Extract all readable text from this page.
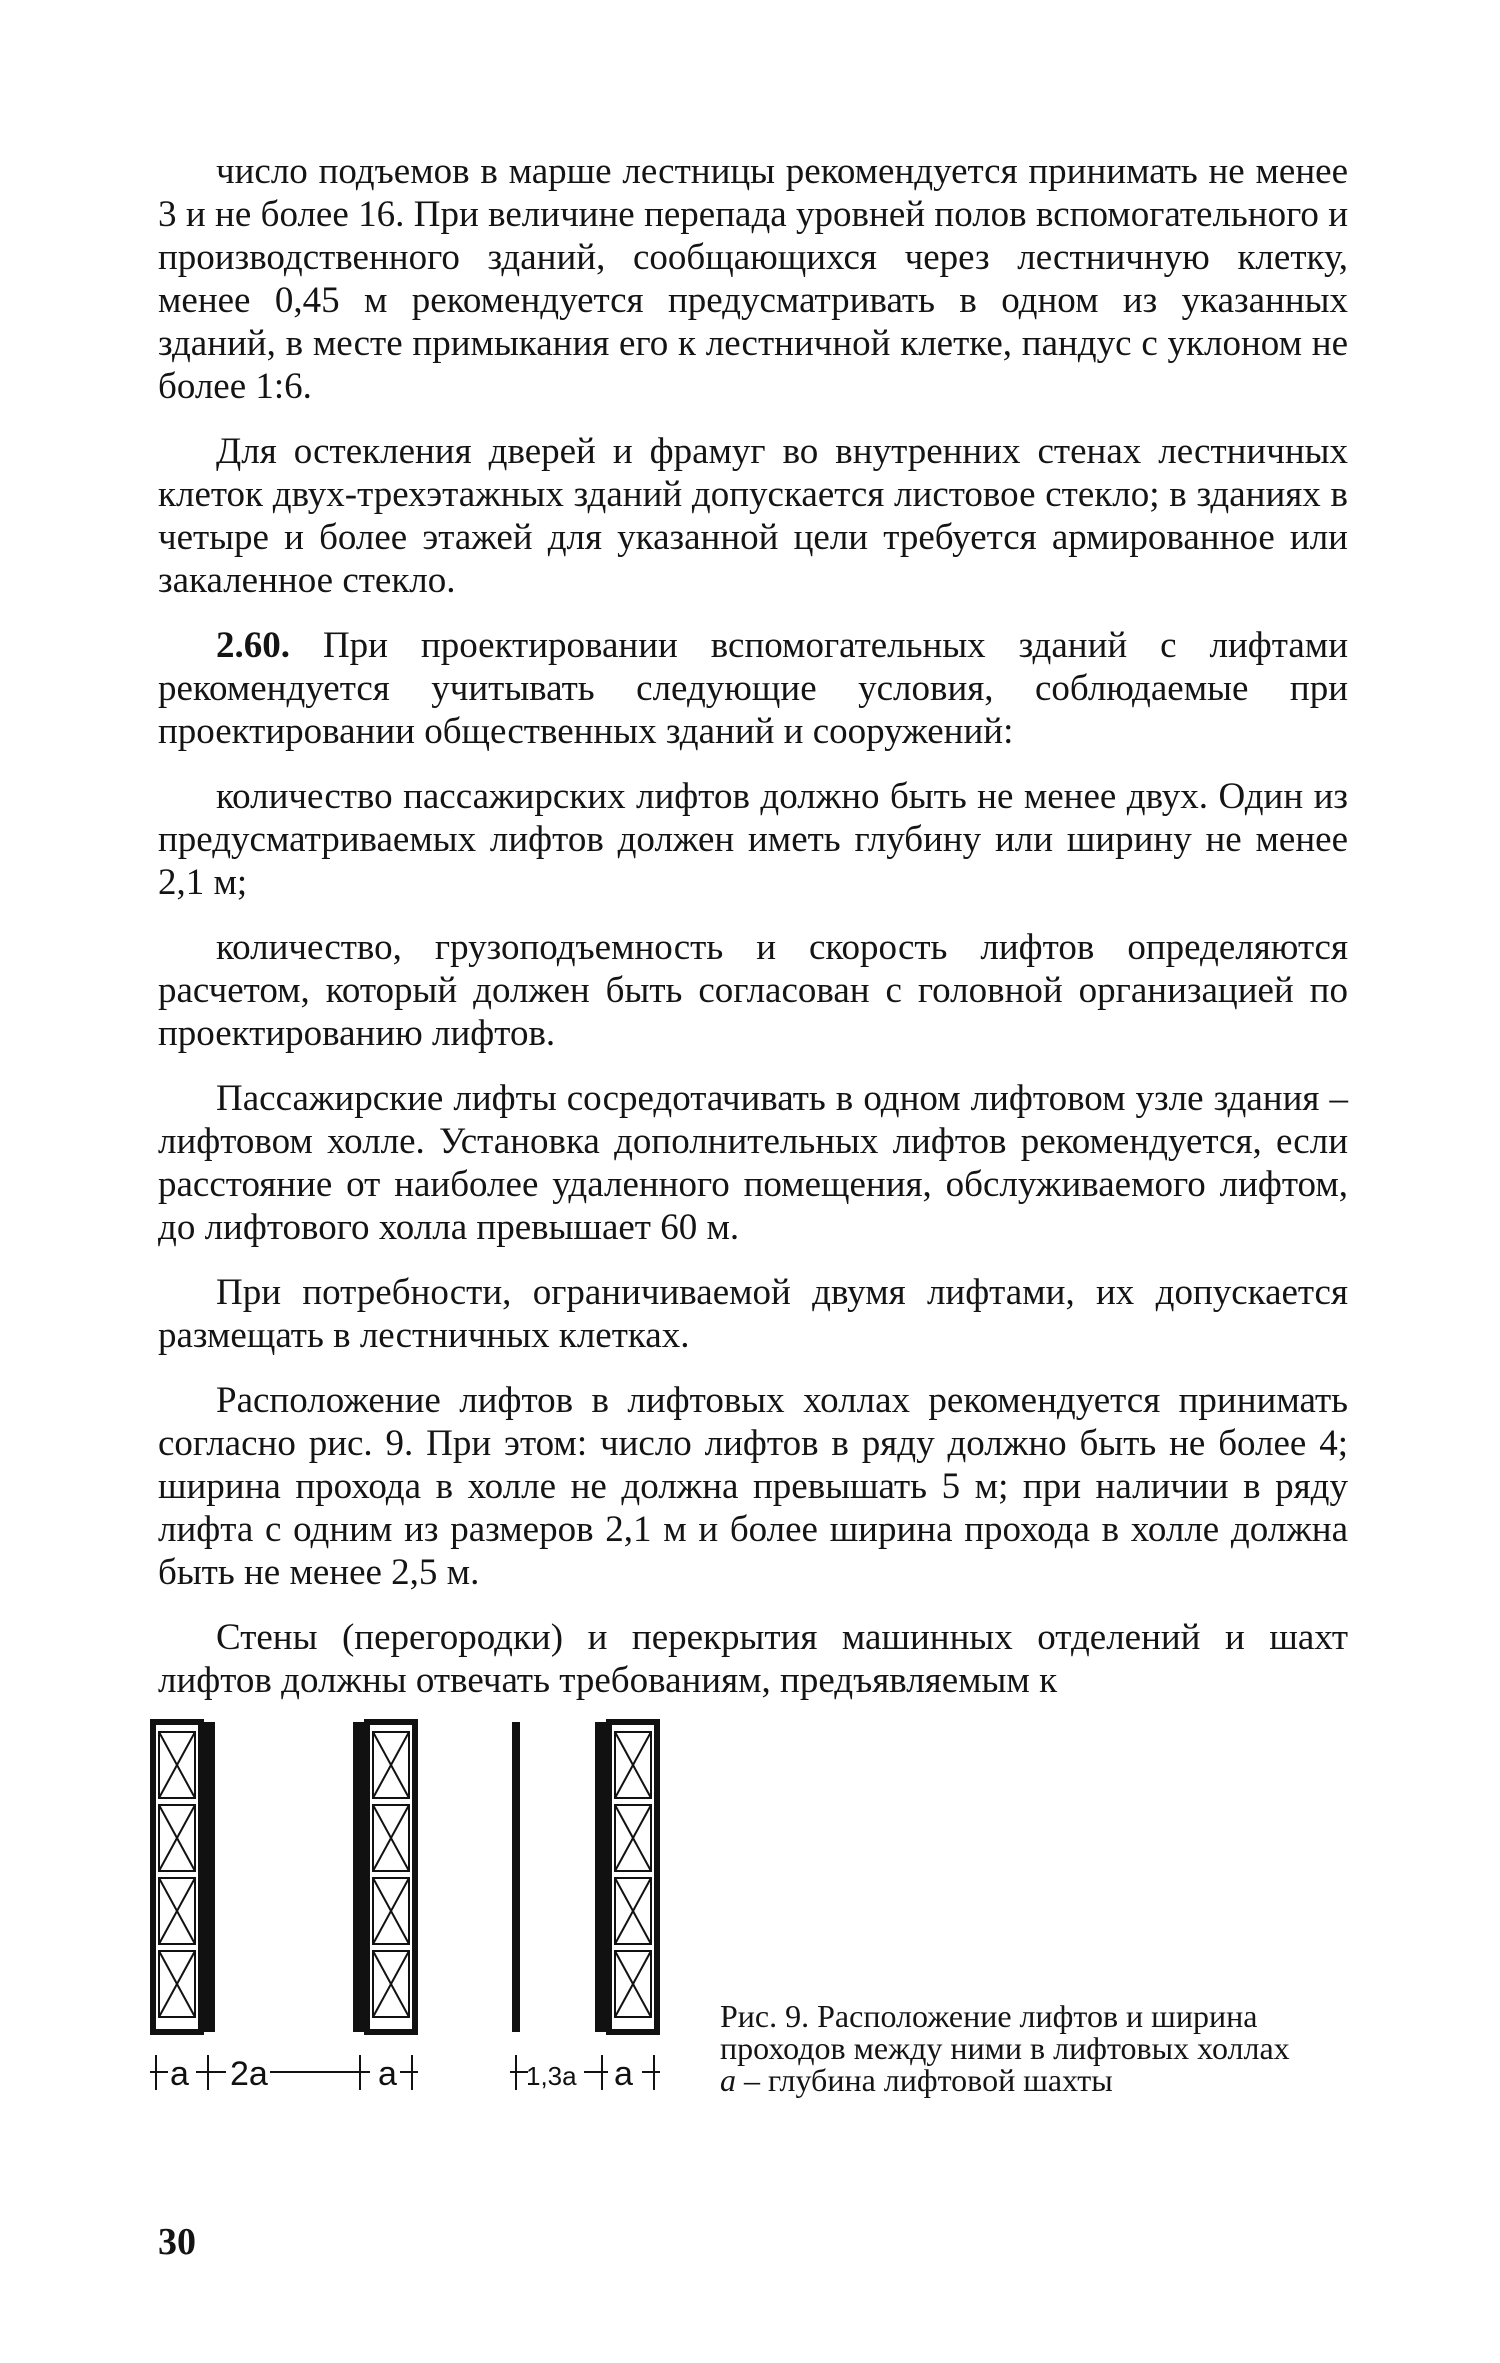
число подъемов в марше лестницы рекомендуется принимать не менее 3 и не более 16. При величине перепада уровней полов вспомогательного и производственного зданий, сообщающихся через лестничную клетку, менее 0,45 м рекомендуется предусматривать в одном из указанных зданий, в месте примыкания его к лестничной клетке, пандус с уклоном не более 1:6.

Для остекления дверей и фрамуг во внутренних стенах лестничных клеток двух-трехэтажных зданий допускается листовое стекло; в зданиях в четыре и более этажей для указанной цели требуется армированное или закаленное стекло.

2.60. При проектировании вспомогательных зданий с лифтами рекомендуется учитывать следующие условия, соблюдаемые при проектировании общественных зданий и сооружений:

количество пассажирских лифтов должно быть не менее двух. Один из предусматриваемых лифтов должен иметь глубину или ширину не менее 2,1 м;

количество, грузоподъемность и скорость лифтов определяются расчетом, который должен быть согласован с головной организацией по проектированию лифтов.

Пассажирские лифты сосредотачивать в одном лифтовом узле здания – лифтовом холле. Установка дополнительных лифтов рекомендуется, если расстояние от наиболее удаленного помещения, обслуживаемого лифтом, до лифтового холла превышает 60 м.

При потребности, ограничиваемой двумя лифтами, их допускается размещать в лестничных клетках.

Расположение лифтов в лифтовых холлах рекомендуется принимать согласно рис. 9. При этом: число лифтов в ряду должно быть не более 4; ширина прохода в холле не должна превышать 5 м; при наличии в ряду лифта с одним из размеров 2,1 м и более ширина прохода в холле должна быть не менее 2,5 м.

Стены (перегородки) и перекрытия машинных отделений и шахт лифтов должны отвечать требованиям, предъявляемым к

a 2a	a	1,3a a
Рис. 9. Расположение лифтов и ширина проходов между ними в лифтовых холлах
a – глубина лифтовой шахты
30
